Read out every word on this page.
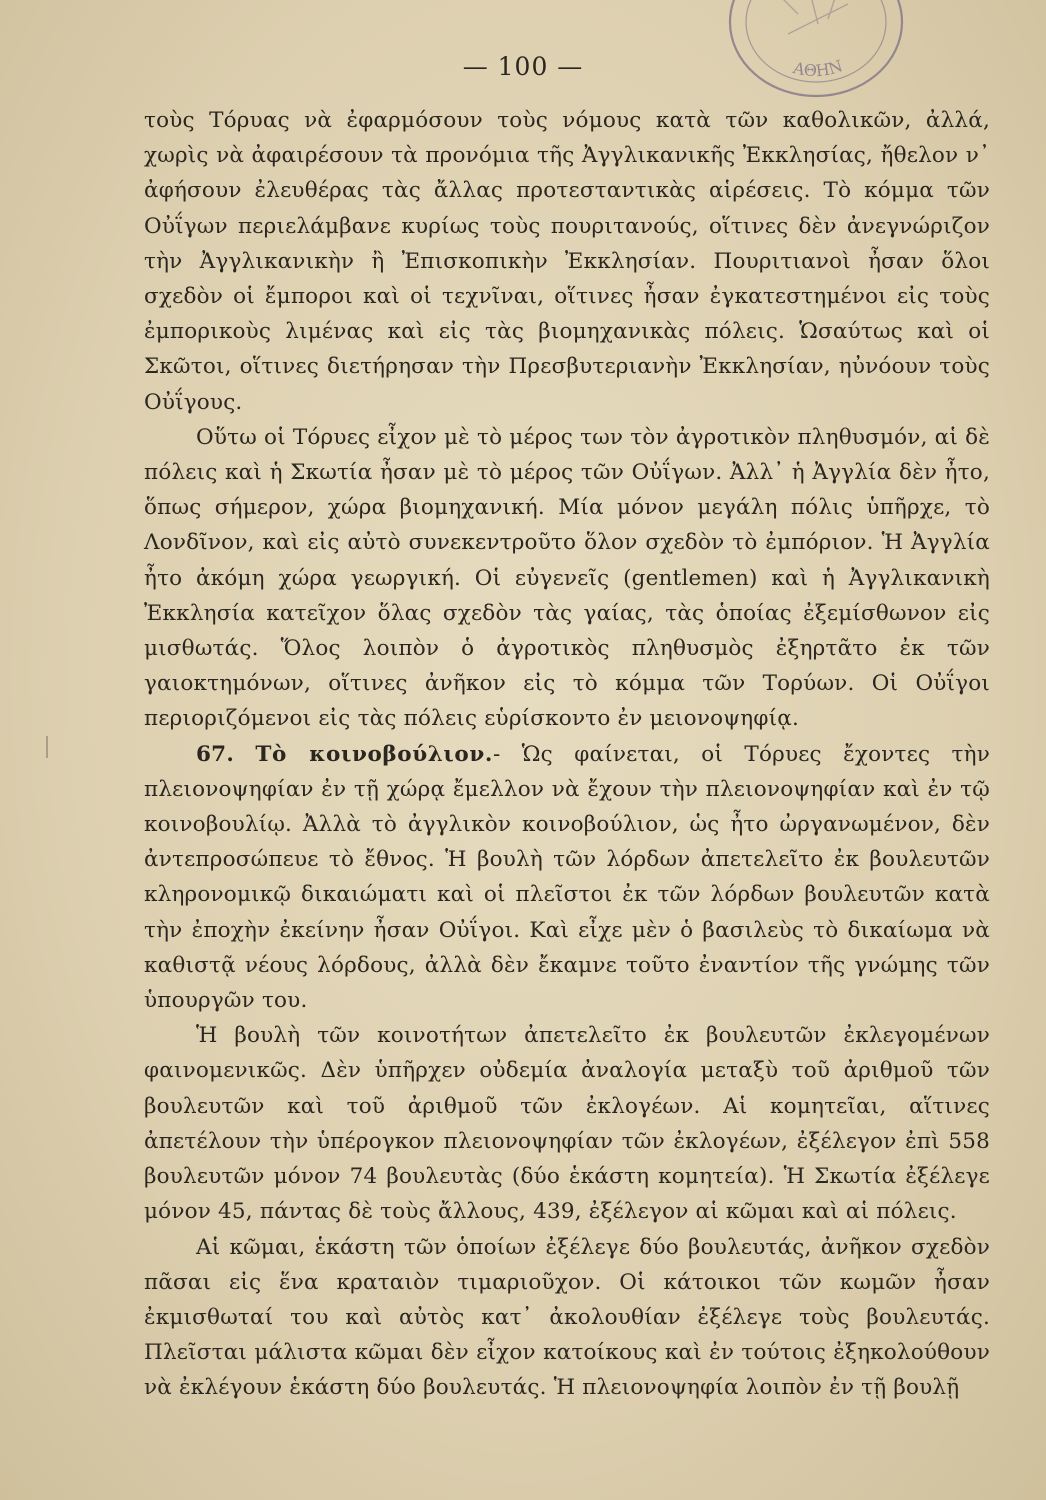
ΑΘΗΝ
— 100 —

τοὺς Τόρυας νὰ ἐφαρμόσουν τοὺς νόμους κατὰ τῶν καθολικῶν, ἀλλά, χωρὶς νὰ ἀφαιρέσουν τὰ προνόμια τῆς Ἀγγλικανικῆς Ἐκκλησίας, ἤθελον ν᾿ ἀφήσουν ἐλευθέρας τὰς ἄλλας προτεσταντικὰς αἱρέσεις. Τὸ κόμμα τῶν Οὐΐγων περιελάμβανε κυρίως τοὺς πουριτανούς, οἵτινες δὲν ἀνεγνώριζον τὴν Ἀγγλικανικὴν ἢ Ἐπισκοπικὴν Ἐκκλησίαν. Πουριτιανοὶ ἦσαν ὅλοι σχεδὸν οἱ ἔμποροι καὶ οἱ τεχνῖναι, οἵτινες ἦσαν ἐγκατεστημένοι εἰς τοὺς ἐμπορικοὺς λιμένας καὶ εἰς τὰς βιομηχανικὰς πόλεις. Ὡσαύτως καὶ οἱ Σκῶτοι, οἵτινες διετήρησαν τὴν Πρεσβυτεριανὴν Ἐκκλησίαν, ηὐνόουν τοὺς Οὐΐγους.

Οὕτω οἱ Τόρυες εἶχον μὲ τὸ μέρος των τὸν ἀγροτικὸν πληθυσμόν, αἱ δὲ πόλεις καὶ ἡ Σκωτία ἦσαν μὲ τὸ μέρος τῶν Οὐΐγων. Ἀλλ᾿ ἡ Ἀγγλία δὲν ἦτο, ὅπως σήμερον, χώρα βιομηχανική. Μία μόνον μεγάλη πόλις ὑπῆρχε, τὸ Λονδῖνον, καὶ εἰς αὐτὸ συνεκεντροῦτο ὅλον σχεδὸν τὸ ἐμπόριον. Ἡ Ἀγγλία ἦτο ἀκόμη χώρα γεωργική. Οἱ εὐγενεῖς (gentlemen) καὶ ἡ Ἀγγλικανικὴ Ἐκκλησία κατεῖχον ὅλας σχεδὸν τὰς γαίας, τὰς ὁποίας ἐξεμίσθωνον εἰς μισθωτάς. Ὅλος λοιπὸν ὁ ἀγροτικὸς πληθυσμὸς ἐξηρτᾶτο ἐκ τῶν γαιοκτημόνων, οἵτινες ἀνῆκον εἰς τὸ κόμμα τῶν Τορύων. Οἱ Οὐΐγοι περιοριζόμενοι εἰς τὰς πόλεις εὑρίσκοντο ἐν μειονοψηφίᾳ.

67. Τὸ κοινοβούλιον.- Ὡς φαίνεται, οἱ Τόρυες ἔχοντες τὴν πλειονοψηφίαν ἐν τῇ χώρᾳ ἔμελλον νὰ ἔχουν τὴν πλειονοψηφίαν καὶ ἐν τῷ κοινοβουλίῳ. Ἀλλὰ τὸ ἀγγλικὸν κοινοβούλιον, ὡς ἦτο ὠργανωμένον, δὲν ἀντεπροσώπευε τὸ ἔθνος. Ἡ βουλὴ τῶν λόρδων ἀπετελεῖτο ἐκ βουλευτῶν κληρονομικῷ δικαιώματι καὶ οἱ πλεῖστοι ἐκ τῶν λόρδων βουλευτῶν κατὰ τὴν ἐποχὴν ἐκείνην ἦσαν Οὐΐγοι. Καὶ εἶχε μὲν ὁ βασιλεὺς τὸ δικαίωμα νὰ καθιστᾷ νέους λόρδους, ἀλλὰ δὲν ἔκαμνε τοῦτο ἐναντίον τῆς γνώμης τῶν ὑπουργῶν του.

Ἡ βουλὴ τῶν κοινοτήτων ἀπετελεῖτο ἐκ βουλευτῶν ἐκλεγομένων φαινομενικῶς. Δὲν ὑπῆρχεν οὐδεμία ἀναλογία μεταξὺ τοῦ ἀριθμοῦ τῶν βουλευτῶν καὶ τοῦ ἀριθμοῦ τῶν ἐκλογέων. Αἱ κομητεῖαι, αἵτινες ἀπετέλουν τὴν ὑπέρογκον πλειονοψηφίαν τῶν ἐκλογέων, ἐξέλεγον ἐπὶ 558 βουλευτῶν μόνον 74 βουλευτὰς (δύο ἑκάστη κομητεία). Ἡ Σκωτία ἐξέλεγε μόνον 45, πάντας δὲ τοὺς ἄλλους, 439, ἐξέλεγον αἱ κῶμαι καὶ αἱ πόλεις.

Αἱ κῶμαι, ἑκάστη τῶν ὁποίων ἐξέλεγε δύο βουλευτάς, ἀνῆκον σχεδὸν πᾶσαι εἰς ἕνα κραταιὸν τιμαριοῦχον. Οἱ κάτοικοι τῶν κωμῶν ἦσαν ἐκμισθωταί του καὶ αὐτὸς κατ᾿ ἀκολουθίαν ἐξέλεγε τοὺς βουλευτάς. Πλεῖσται μάλιστα κῶμαι δὲν εἶχον κατοίκους καὶ ἐν τούτοις ἐξηκολούθουν νὰ ἐκλέγουν ἑκάστη δύο βουλευτάς. Ἡ πλειονοψηφία λοιπὸν ἐν τῇ βουλῇ
